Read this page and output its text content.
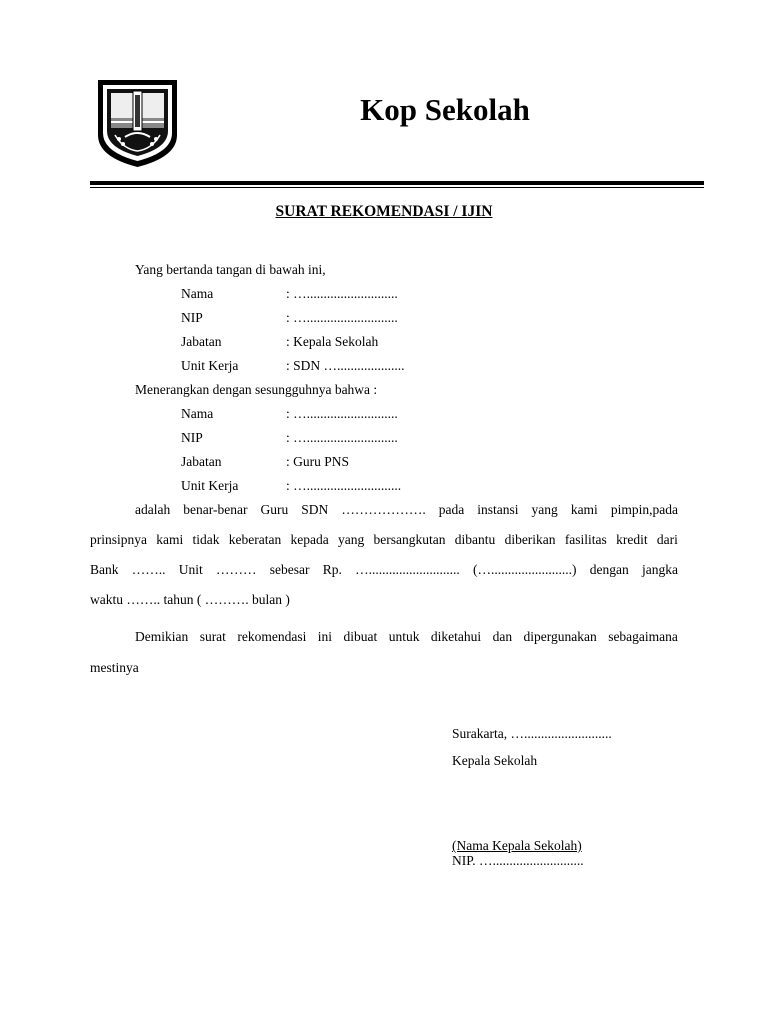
Kop Sekolah
SURAT REKOMENDASI / IJIN
Yang bertanda tangan di bawah ini,
Nama	: …...........................
NIP	: …...........................
Jabatan	: Kepala Sekolah
Unit Kerja	: SDN …....................
Menerangkan dengan sesungguhnya bahwa :
Nama	: …...........................
NIP	: …...........................
Jabatan	: Guru PNS
Unit Kerja	: …............................
adalah benar-benar Guru SDN ………………. pada instansi yang kami pimpin,pada
prinsipnya kami tidak keberatan kepada yang bersangkutan dibantu diberikan fasilitas kredit dari
Bank …….. Unit ……… sebesar Rp. …........................... (…........................) dengan jangka
waktu …….. tahun ( ………. bulan )
Demikian surat rekomendasi ini dibuat untuk diketahui dan dipergunakan sebagaimana
mestinya
Surakarta, …..........................
Kepala Sekolah
(Nama Kepala Sekolah)
NIP. …...........................
